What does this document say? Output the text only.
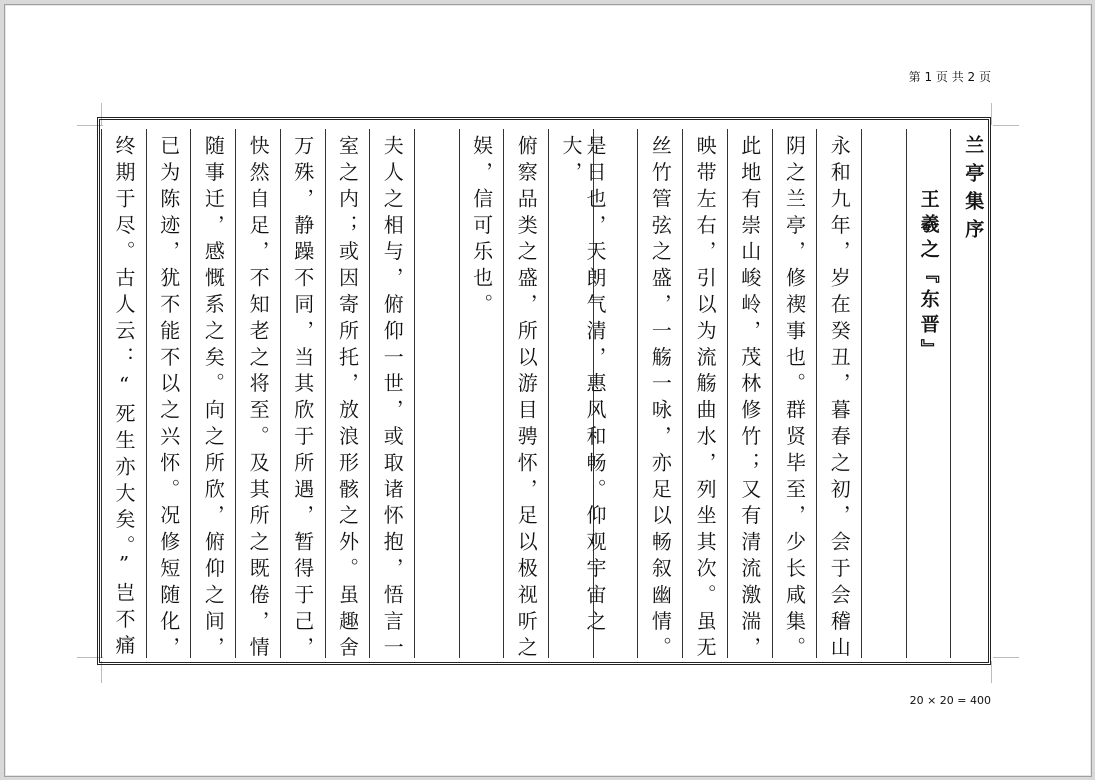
第 1 页 共 2 页
兰亭集序
王羲之『东晋』
永和九年，岁在癸丑，暮春之初，会于会稽山
阴之兰亭，修禊事也。群贤毕至，少长咸集。
此地有崇山峻岭，茂林修竹；又有清流激湍，
映带左右，引以为流觞曲水，列坐其次。虽无
丝竹管弦之盛，一觞一咏，亦足以畅叙幽情。
是日也，天朗气清，惠风和畅。仰观宇宙之大，
俯察品类之盛，所以游目骋怀，足以极视听之
娱，信可乐也。
夫人之相与，俯仰一世，或取诸怀抱，悟言一
室之内；或因寄所托，放浪形骸之外。虽趣舍
万殊，静躁不同，当其欣于所遇，暂得于己，
快然自足，不知老之将至。及其所之既倦，情
随事迁，感慨系之矣。向之所欣，俯仰之间，
已为陈迹，犹不能不以之兴怀。况修短随化，
终期于尽。古人云：“死生亦大矣。”岂不痛
20 × 20 = 400
